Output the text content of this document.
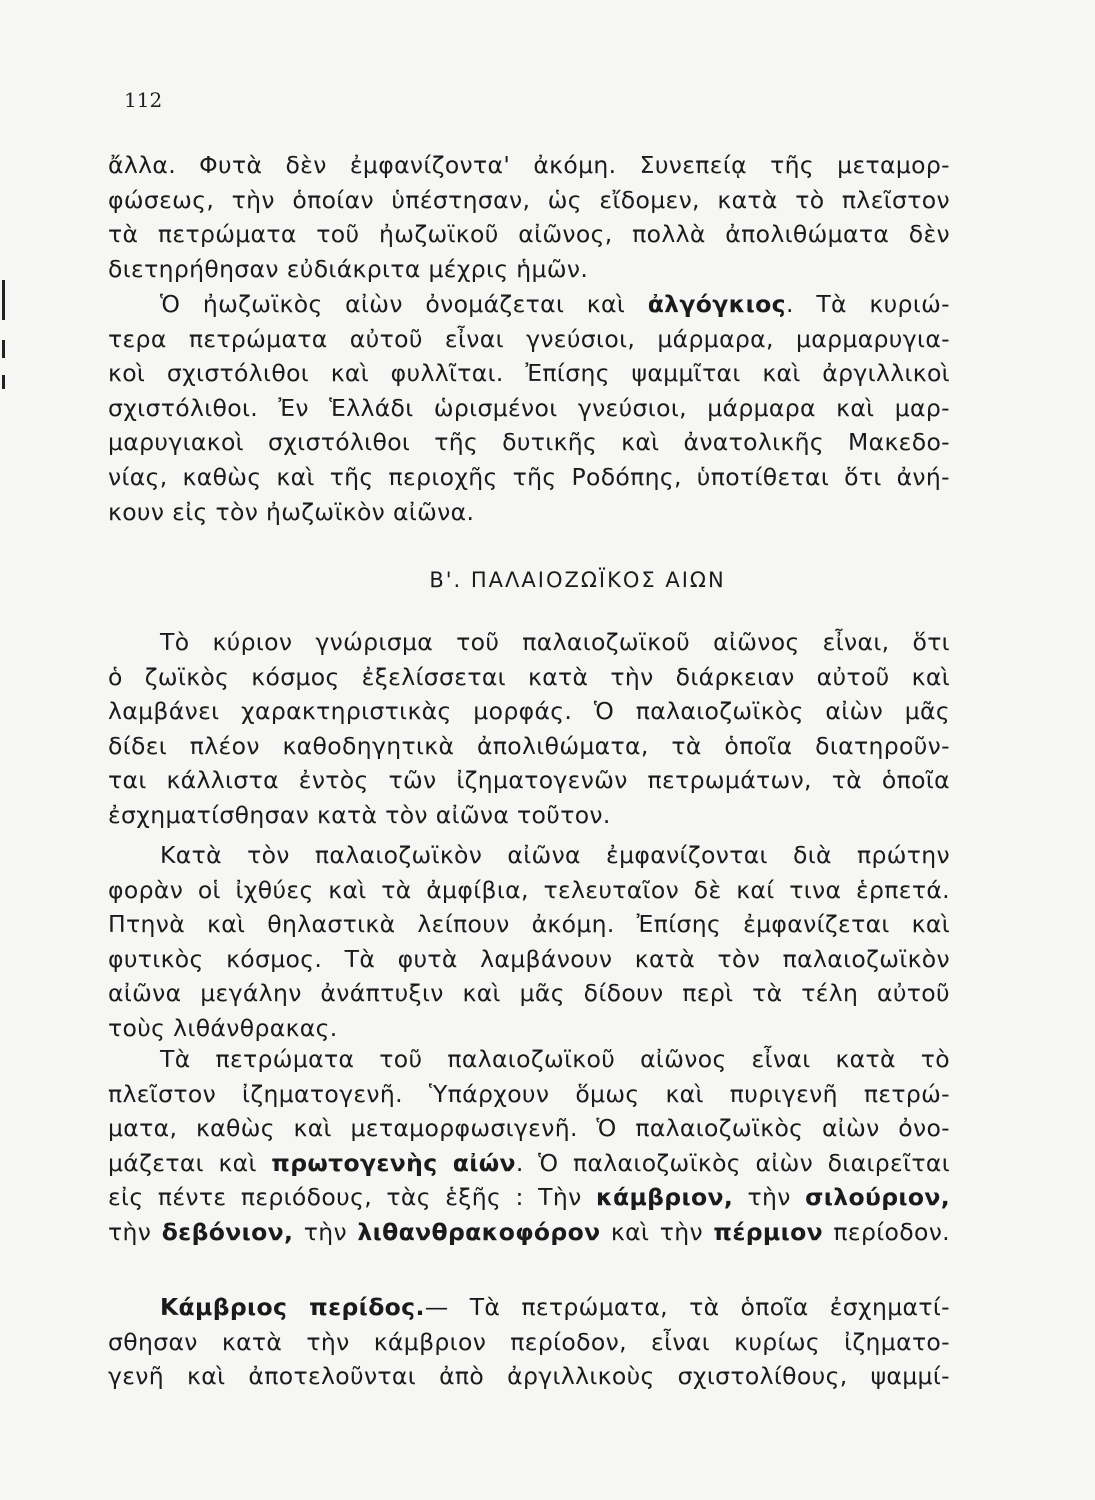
112
ἄλλα. Φυτὰ δὲν ἐμφανίζοντα' ἀκόμη. Συνεπείᾳ τῆς μεταμορ-
φώσεως, τὴν ὁποίαν ὑπέστησαν, ὡς εἴδομεν, κατὰ τὸ πλεῖστον
τὰ πετρώματα τοῦ ἠωζωϊκοῦ αἰῶνος, πολλὰ ἀπολιθώματα δὲν
διετηρήθησαν εὐδιάκριτα μέχρις ἡμῶν.
Ὁ ἠωζωϊκὸς αἰὼν ὀνομάζεται καὶ ἀλγόγκιος. Τὰ κυριώ-
τερα πετρώματα αὐτοῦ εἶναι γνεύσιοι, μάρμαρα, μαρμαρυγια-
κοὶ σχιστόλιθοι καὶ φυλλῖται. Ἐπίσης ψαμμῖται καὶ ἀργιλλικοὶ
σχιστόλιθοι. Ἐν Ἑλλάδι ὡρισμένοι γνεύσιοι, μάρμαρα καὶ μαρ-
μαρυγιακοὶ σχιστόλιθοι τῆς δυτικῆς καὶ ἀνατολικῆς Μακεδο-
νίας, καθὼς καὶ τῆς περιοχῆς τῆς Ροδόπης, ὑποτίθεται ὅτι ἀνή-
κουν εἰς τὸν ἠωζωϊκὸν αἰῶνα.
Β'. ΠΑΛΑΙΟΖΩΪΚΟΣ ΑΙΩΝ
Τὸ κύριον γνώρισμα τοῦ παλαιοζωϊκοῦ αἰῶνος εἶναι, ὅτι
ὁ ζωϊκὸς κόσμος ἐξελίσσεται κατὰ τὴν διάρκειαν αὐτοῦ καὶ
λαμβάνει χαρακτηριστικὰς μορφάς. Ὁ παλαιοζωϊκὸς αἰὼν μᾶς
δίδει πλέον καθοδηγητικὰ ἀπολιθώματα, τὰ ὁποῖα διατηροῦν-
ται κάλλιστα ἐντὸς τῶν ἰζηματογενῶν πετρωμάτων, τὰ ὁποῖα
ἐσχηματίσθησαν κατὰ τὸν αἰῶνα τοῦτον.
Κατὰ τὸν παλαιοζωϊκὸν αἰῶνα ἐμφανίζονται διὰ πρώτην
φορὰν οἱ ἰχθύες καὶ τὰ ἀμφίβια, τελευταῖον δὲ καί τινα ἑρπετά.
Πτηνὰ καὶ θηλαστικὰ λείπουν ἀκόμη. Ἐπίσης ἐμφανίζεται καὶ
φυτικὸς κόσμος. Τὰ φυτὰ λαμβάνουν κατὰ τὸν παλαιοζωϊκὸν
αἰῶνα μεγάλην ἀνάπτυξιν καὶ μᾶς δίδουν περὶ τὰ τέλη αὐτοῦ
τοὺς λιθάνθρακας.
Τὰ πετρώματα τοῦ παλαιοζωϊκοῦ αἰῶνος εἶναι κατὰ τὸ
πλεῖστον ἰζηματογενῆ. Ὑπάρχουν ὅμως καὶ πυριγενῆ πετρώ-
ματα, καθὼς καὶ μεταμορφωσιγενῆ. Ὁ παλαιοζωϊκὸς αἰὼν ὀνο-
μάζεται καὶ πρωτογενὴς αἰών. Ὁ παλαιοζωϊκὸς αἰὼν διαιρεῖται
εἰς πέντε περιόδους, τὰς ἑξῆς : Τὴν κάμβριον, τὴν σιλούριον,
τὴν δεβόνιον, τὴν λιθανθρακοφόρον καὶ τὴν πέρμιον περίοδον.
Κάμβριος περίδος.— Τὰ πετρώματα, τὰ ὁποῖα ἐσχηματί-
σθησαν κατὰ τὴν κάμβριον περίοδον, εἶναι κυρίως ἰζηματο-
γενῆ καὶ ἀποτελοῦνται ἀπὸ ἀργιλλικοὺς σχιστολίθους, ψαμμί-
